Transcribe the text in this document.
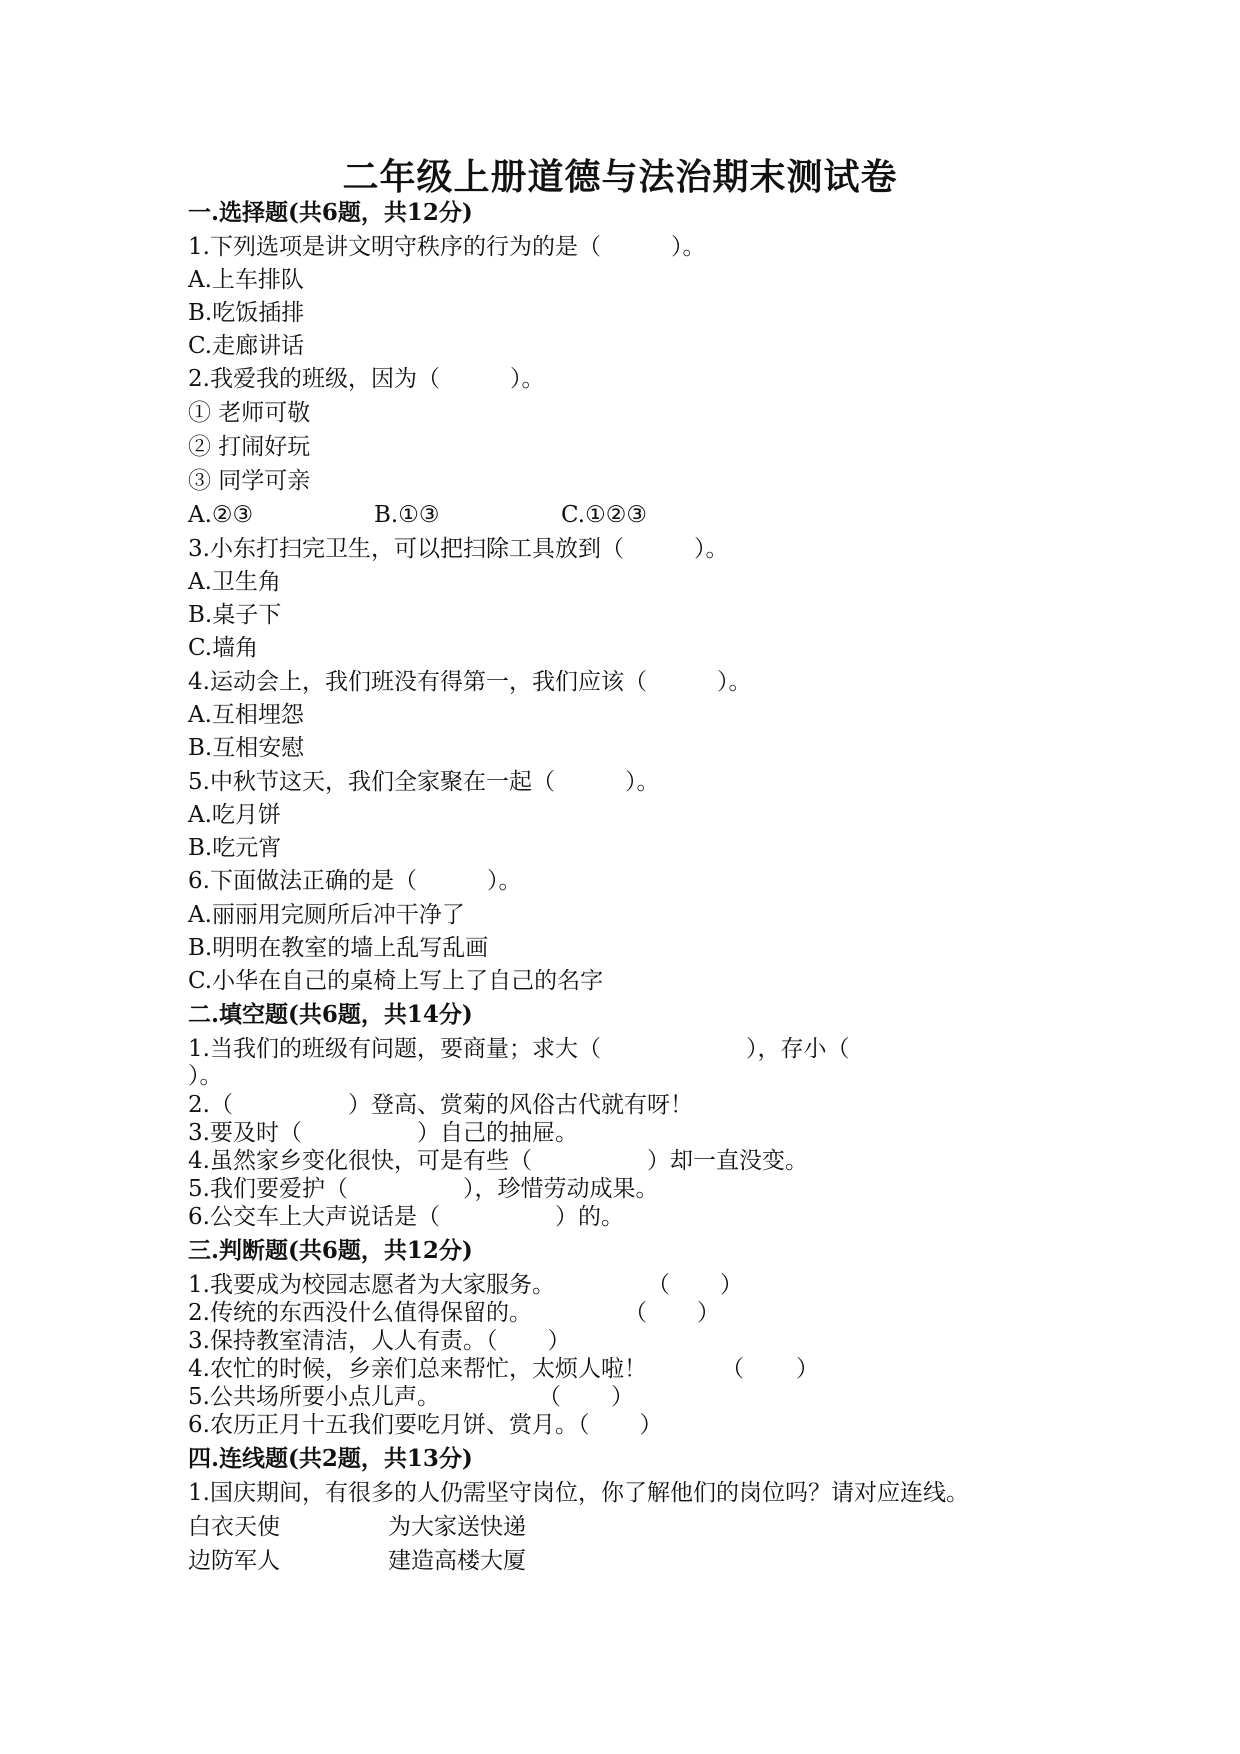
二年级上册道德与法治期末测试卷
一.选择题(共6题，共12分)
1.下列选项是讲文明守秩序的行为的是（	）。
A.上车排队
B.吃饭插排
C.走廊讲话
2.我爱我的班级，因为（	）。
① 老师可敬
② 打闹好玩
③ 同学可亲
A.②③	B.①③	C.①②③
3.小东打扫完卫生，可以把扫除工具放到（	）。
A.卫生角
B.桌子下
C.墙角
4.运动会上，我们班没有得第一，我们应该（	）。
A.互相埋怨
B.互相安慰
5.中秋节这天，我们全家聚在一起（	）。
A.吃月饼
B.吃元宵
6.下面做法正确的是（	）。
A.丽丽用完厕所后冲干净了
B.明明在教室的墙上乱写乱画
C.小华在自己的桌椅上写上了自己的名字
二.填空题(共6题，共14分)
1.当我们的班级有问题，要商量；求大（	），存小（
）。
2.（	）登高、赏菊的风俗古代就有呀！
3.要及时（	）自己的抽屉。
4.虽然家乡变化很快，可是有些（	）却一直没变。
5.我们要爱护（	），珍惜劳动成果。
6.公交车上大声说话是（	）的。
三.判断题(共6题，共12分)
1.我要成为校园志愿者为大家服务。	（ ）
2.传统的东西没什么值得保留的。	（ ）
3.保持教室清洁，人人有责。（ ）
4.农忙的时候，乡亲们总来帮忙，太烦人啦！	（ ）
5.公共场所要小点儿声。	（ ）
6.农历正月十五我们要吃月饼、赏月。（ ）
四.连线题(共2题，共13分)
1.国庆期间，有很多的人仍需坚守岗位，你了解他们的岗位吗？请对应连线。
白衣天使	为大家送快递
边防军人	建造高楼大厦
